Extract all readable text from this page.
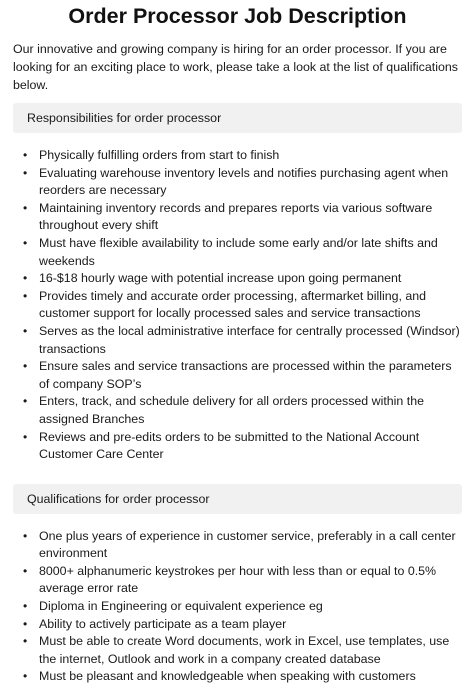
Order Processor Job Description

Our innovative and growing company is hiring for an order processor. If you are looking for an exciting place to work, please take a look at the list of qualifications below.

Responsibilities for order processor
• Physically fulfilling orders from start to finish
• Evaluating warehouse inventory levels and notifies purchasing agent when reorders are necessary
• Maintaining inventory records and prepares reports via various software throughout every shift
• Must have flexible availability to include some early and/or late shifts and weekends
• 16-$18 hourly wage with potential increase upon going permanent
• Provides timely and accurate order processing, aftermarket billing, and customer support for locally processed sales and service transactions
• Serves as the local administrative interface for centrally processed (Windsor) transactions
• Ensure sales and service transactions are processed within the parameters of company SOP’s
• Enters, track, and schedule delivery for all orders processed within the assigned Branches
• Reviews and pre-edits orders to be submitted to the National Account Customer Care Center
Qualifications for order processor
• One plus years of experience in customer service, preferably in a call center environment
• 8000+ alphanumeric keystrokes per hour with less than or equal to 0.5% average error rate
• Diploma in Engineering or equivalent experience eg
• Ability to actively participate as a team player
• Must be able to create Word documents, work in Excel, use templates, use the internet, Outlook and work in a company created database
• Must be pleasant and knowledgeable when speaking with customers
